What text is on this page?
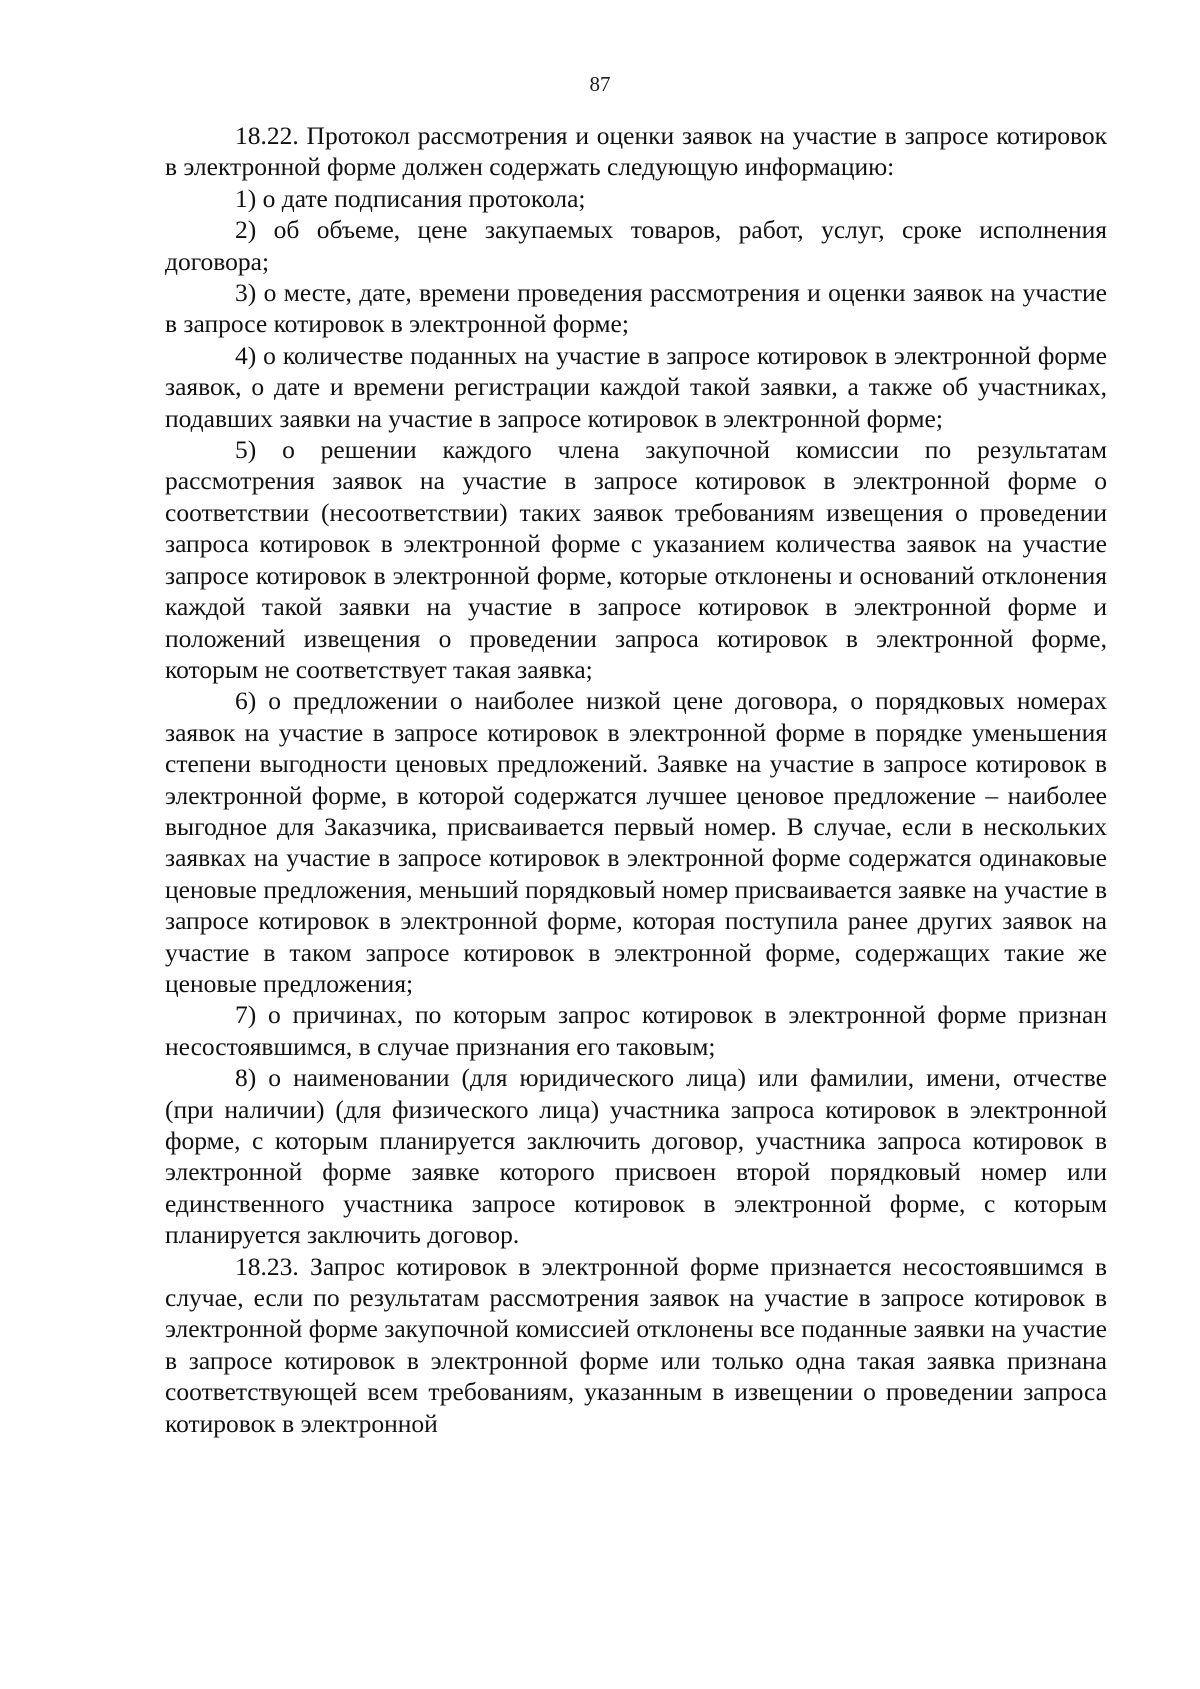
87

18.22. Протокол рассмотрения и оценки заявок на участие в запросе котировок в электронной форме должен содержать следующую информацию:

1) о дате подписания протокола;

2) об объеме, цене закупаемых товаров, работ, услуг, сроке исполнения договора;

3) о месте, дате, времени проведения рассмотрения и оценки заявок на участие в запросе котировок в электронной форме;

4) о количестве поданных на участие в запросе котировок в электронной форме заявок, о дате и времени регистрации каждой такой заявки, а также об участниках, подавших заявки на участие в запросе котировок в электронной форме;

5) о решении каждого члена закупочной комиссии по результатам рассмотрения заявок на участие в запросе котировок в электронной форме о соответствии (несоответствии) таких заявок требованиям извещения о проведении запроса котировок в электронной форме с указанием количества заявок на участие запросе котировок в электронной форме, которые отклонены и оснований отклонения каждой такой заявки на участие в запросе котировок в электронной форме и положений извещения о проведении запроса котировок в электронной форме, которым не соответствует такая заявка;

6) о предложении о наиболее низкой цене договора, о порядковых номерах заявок на участие в запросе котировок в электронной форме в порядке уменьшения степени выгодности ценовых предложений. Заявке на участие в запросе котировок в электронной форме, в которой содержатся лучшее ценовое предложение – наиболее выгодное для Заказчика, присваивается первый номер. В случае, если в нескольких заявках на участие в запросе котировок в электронной форме содержатся одинаковые ценовые предложения, меньший порядковый номер присваивается заявке на участие в запросе котировок в электронной форме, которая поступила ранее других заявок на участие в таком запросе котировок в электронной форме, содержащих такие же ценовые предложения;

7) о причинах, по которым запрос котировок в электронной форме признан несостоявшимся, в случае признания его таковым;

8) о наименовании (для юридического лица) или фамилии, имени, отчестве (при наличии) (для физического лица) участника запроса котировок в электронной форме, с которым планируется заключить договор, участника запроса котировок в электронной форме заявке которого присвоен второй порядковый номер или единственного участника запросе котировок в электронной форме, с которым планируется заключить договор.

18.23. Запрос котировок в электронной форме признается несостоявшимся в случае, если по результатам рассмотрения заявок на участие в запросе котировок в электронной форме закупочной комиссией отклонены все поданные заявки на участие в запросе котировок в электронной форме или только одна такая заявка признана соответствующей всем требованиям, указанным в извещении о проведении запроса котировок в электронной
